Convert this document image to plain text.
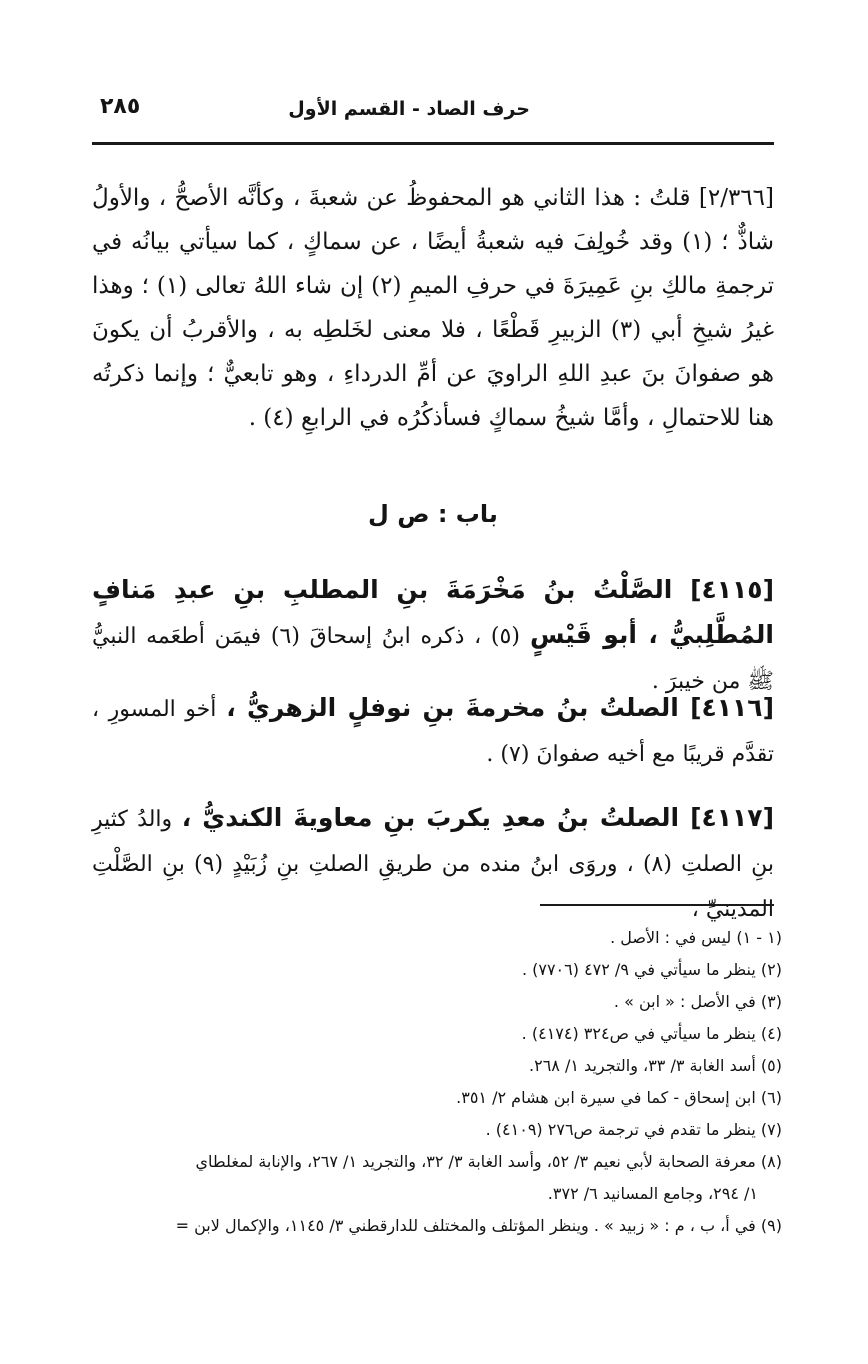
حرف الصاد - القسم الأول
٢٨٥

[٢/٣٦٦] قلتُ : هذا الثاني هو المحفوظُ عن شعبةَ ، وكأنَّه الأصحُّ ، والأولُ شاذٌّ ؛ (١) وقد خُولِفَ فيه شعبةُ أيضًا ، عن سماكٍ ، كما سيأتي بيانُه في ترجمةِ مالكِ بنِ عَمِيرَةَ في حرفِ الميمِ (٢) إن شاء اللهُ تعالى (١) ؛ وهذا غيرُ شيخِ أبي (٣) الزبيرِ قَطْعًا ، فلا معنى لخَلطِه به ، والأقربُ أن يكونَ هو صفوانَ بنَ عبدِ اللهِ الراويَ عن أمِّ الدرداءِ ، وهو تابعيٌّ ؛ وإنما ذكرتُه هنا للاحتمالِ ، وأمَّا شيخُ سماكٍ فسأذكُرُه في الرابعِ (٤) .

باب : ص ل

[٤١١٥] الصَّلْتُ بنُ مَخْرَمَةَ بنِ المطلبِ بنِ عبدِ مَنافٍ المُطَّلِبيُّ ، أبو قَيْسٍ (٥) ، ذكره ابنُ إسحاقَ (٦) فيمَن أطعَمه النبيُّ ﷺ من خيبرَ .

[٤١١٦] الصلتُ بنُ مخرمةَ بنِ نوفلٍ الزهريُّ ، أخو المسورِ ، تقدَّم قريبًا مع أخيه صفوانَ (٧) .

[٤١١٧] الصلتُ بنُ معدِ يكربَ بنِ معاويةَ الكنديُّ ، والدُ كثيرِ بنِ الصلتِ (٨) ، وروَى ابنُ منده من طريقِ الصلتِ بنِ زُبَيْدٍ (٩) بنِ الصَّلْتِ المدينيِّ ،

(١ - ١) ليس في : الأصل .
(٢) ينظر ما سيأتي في ٩/ ٤٧٢ (٧٧٠٦) .
(٣) في الأصل : « ابن » .
(٤) ينظر ما سيأتي في ص٣٢٤ (٤١٧٤) .
(٥) أسد الغابة ٣/ ٣٣، والتجريد ١/ ٢٦٨.
(٦) ابن إسحاق - كما في سيرة ابن هشام ٢/ ٣٥١.
(٧) ينظر ما تقدم في ترجمة ص٢٧٦ (٤١٠٩) .
(٨) معرفة الصحابة لأبي نعيم ٣/ ٥٢، وأسد الغابة ٣/ ٣٢، والتجريد ١/ ٢٦٧، والإنابة لمغلطاي
١/ ٢٩٤، وجامع المسانيد ٦/ ٣٧٢.
(٩) في أ، ب ، م : « زبيد » . وينظر المؤتلف والمختلف للدارقطني ٣/ ١١٤٥، والإكمال لابن =
